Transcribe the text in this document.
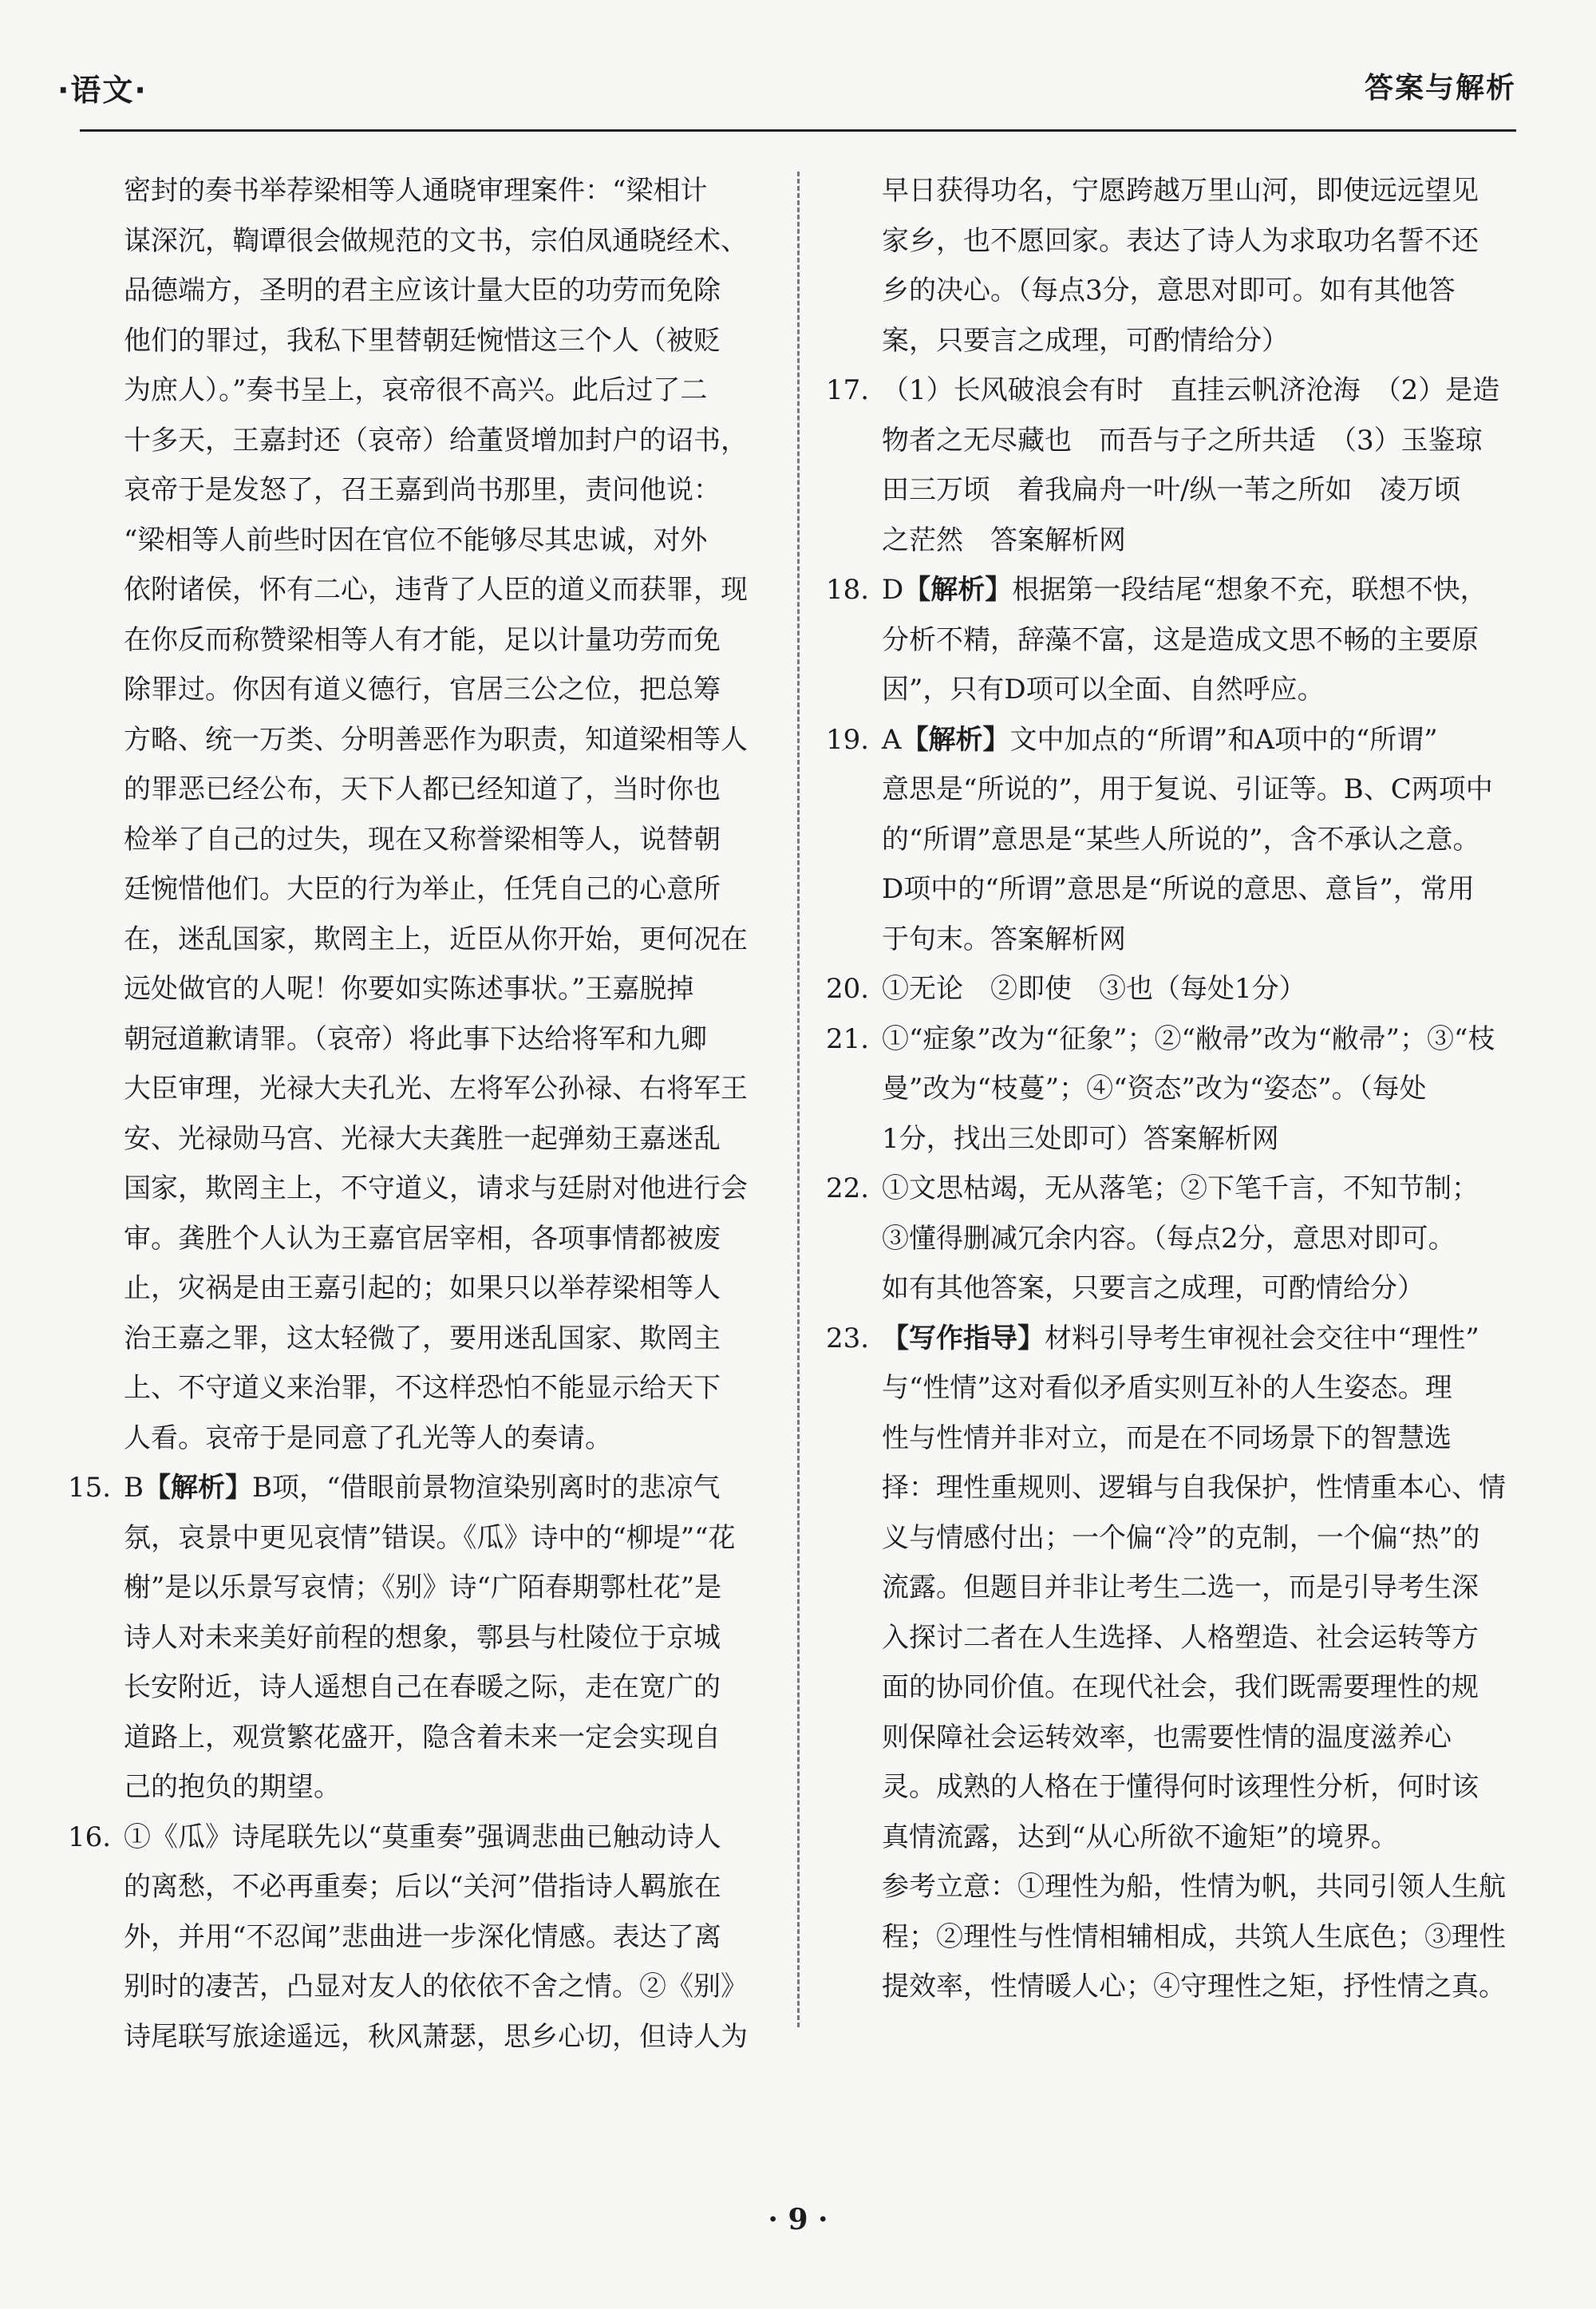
·语文·	答案与解析
密封的奏书举荐梁相等人通晓审理案件：“梁相计
谋深沉，鞫谭很会做规范的文书，宗伯凤通晓经术、
品德端方，圣明的君主应该计量大臣的功劳而免除
他们的罪过，我私下里替朝廷惋惜这三个人（被贬
为庶人）。”奏书呈上，哀帝很不高兴。此后过了二
十多天，王嘉封还（哀帝）给董贤增加封户的诏书，
哀帝于是发怒了，召王嘉到尚书那里，责问他说：
“梁相等人前些时因在官位不能够尽其忠诚，对外
依附诸侯，怀有二心，违背了人臣的道义而获罪，现
在你反而称赞梁相等人有才能，足以计量功劳而免
除罪过。你因有道义德行，官居三公之位，把总筹
方略、统一万类、分明善恶作为职责，知道梁相等人
的罪恶已经公布，天下人都已经知道了，当时你也
检举了自己的过失，现在又称誉梁相等人，说替朝
廷惋惜他们。大臣的行为举止，任凭自己的心意所
在，迷乱国家，欺罔主上，近臣从你开始，更何况在
远处做官的人呢！你要如实陈述事状。”王嘉脱掉
朝冠道歉请罪。（哀帝）将此事下达给将军和九卿
大臣审理，光禄大夫孔光、左将军公孙禄、右将军王
安、光禄勋马宫、光禄大夫龚胜一起弹劾王嘉迷乱
国家，欺罔主上，不守道义，请求与廷尉对他进行会
审。龚胜个人认为王嘉官居宰相，各项事情都被废
止，灾祸是由王嘉引起的；如果只以举荐梁相等人
治王嘉之罪，这太轻微了，要用迷乱国家、欺罔主
上、不守道义来治罪，不这样恐怕不能显示给天下
人看。哀帝于是同意了孔光等人的奏请。
15. B【解析】B项，“借眼前景物渲染别离时的悲凉气
氛，哀景中更见哀情”错误。《瓜》诗中的“柳堤”“花
榭”是以乐景写哀情；《别》诗“广陌春期鄠杜花”是
诗人对未来美好前程的想象，鄠县与杜陵位于京城
长安附近，诗人遥想自己在春暖之际，走在宽广的
道路上，观赏繁花盛开，隐含着未来一定会实现自
己的抱负的期望。
16. ①《瓜》诗尾联先以“莫重奏”强调悲曲已触动诗人
的离愁，不必再重奏；后以“关河”借指诗人羁旅在
外，并用“不忍闻”悲曲进一步深化情感。表达了离
别时的凄苦，凸显对友人的依依不舍之情。②《别》
诗尾联写旅途遥远，秋风萧瑟，思乡心切，但诗人为
早日获得功名，宁愿跨越万里山河，即使远远望见
家乡，也不愿回家。表达了诗人为求取功名誓不还
乡的决心。（每点3分，意思对即可。如有其他答
案，只要言之成理，可酌情给分）
17. （1）长风破浪会有时　直挂云帆济沧海　（2）是造
物者之无尽藏也　而吾与子之所共适　（3）玉鉴琼
田三万顷　着我扁舟一叶/纵一苇之所如　凌万顷
之茫然　答案解析网
18. D【解析】根据第一段结尾“想象不充，联想不快，
分析不精，辞藻不富，这是造成文思不畅的主要原
因”，只有D项可以全面、自然呼应。
19. A【解析】文中加点的“所谓”和A项中的“所谓”
意思是“所说的”，用于复说、引证等。B、C两项中
的“所谓”意思是“某些人所说的”，含不承认之意。
D项中的“所谓”意思是“所说的意思、意旨”，常用
于句末。答案解析网
20. ①无论　②即使　③也（每处1分）
21. ①“症象”改为“征象”；②“敝帚”改为“敝帚”；③“枝
曼”改为“枝蔓”；④“资态”改为“姿态”。（每处
1分，找出三处即可）答案解析网
22. ①文思枯竭，无从落笔；②下笔千言，不知节制；
③懂得删减冗余内容。（每点2分，意思对即可。
如有其他答案，只要言之成理，可酌情给分）
23. 【写作指导】材料引导考生审视社会交往中“理性”
与“性情”这对看似矛盾实则互补的人生姿态。理
性与性情并非对立，而是在不同场景下的智慧选
择：理性重规则、逻辑与自我保护，性情重本心、情
义与情感付出；一个偏“冷”的克制，一个偏“热”的
流露。但题目并非让考生二选一，而是引导考生深
入探讨二者在人生选择、人格塑造、社会运转等方
面的协同价值。在现代社会，我们既需要理性的规
则保障社会运转效率，也需要性情的温度滋养心
灵。成熟的人格在于懂得何时该理性分析，何时该
真情流露，达到“从心所欲不逾矩”的境界。
参考立意：①理性为船，性情为帆，共同引领人生航
程；②理性与性情相辅相成，共筑人生底色；③理性
提效率，性情暖人心；④守理性之矩，抒性情之真。
· 9 ·
